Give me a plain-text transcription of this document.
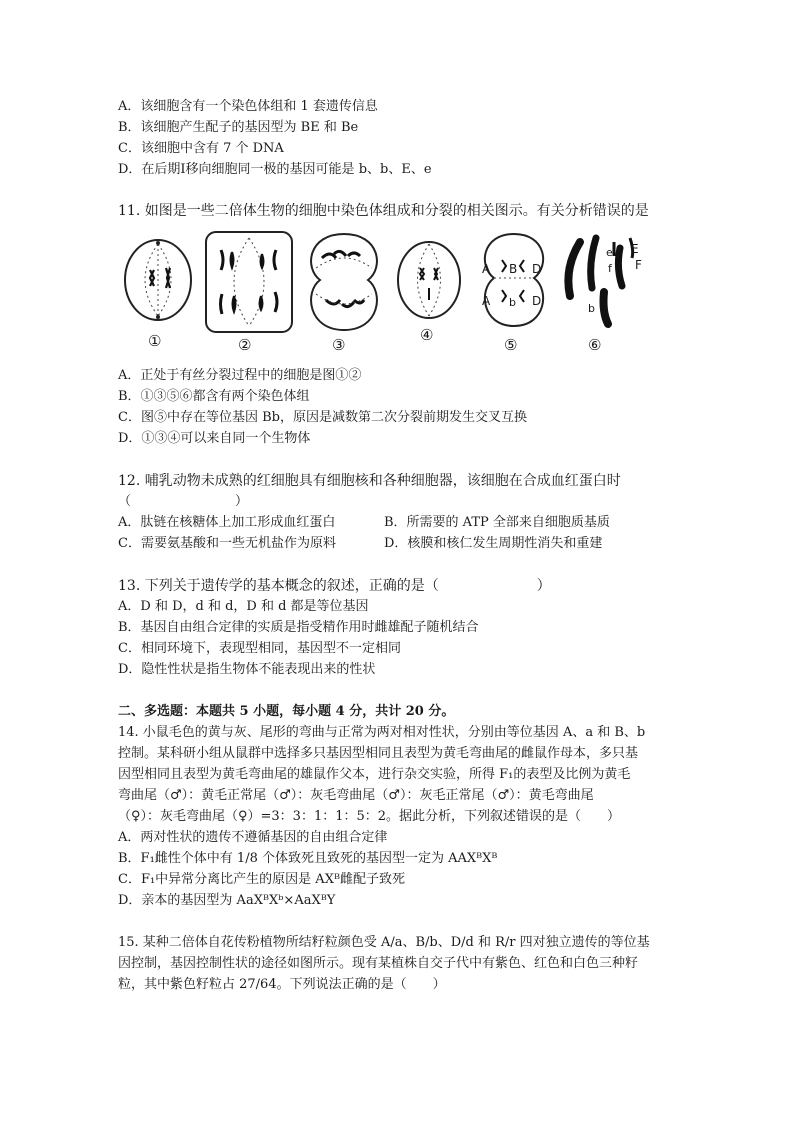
A．该细胞含有一个染色体组和 1 套遗传信息
B．该细胞产生配子的基因型为 BE 和 Be
C．该细胞中含有 7 个 DNA
D．在后期Ⅰ移向细胞同一极的基因可能是 b、b、E、e
11. 如图是一些二倍体生物的细胞中染色体组成和分裂的相关图示。有关分析错误的是
①	②	③
④
A B D
A b D
⑤
e
f
E
F
b
⑥
A．正处于有丝分裂过程中的细胞是图①②
B．①③⑤⑥都含有两个染色体组
C．图⑤中存在等位基因 Bb，原因是减数第二次分裂前期发生交叉互换
D．①③④可以来自同一个生物体
12. 哺乳动物未成熟的红细胞具有细胞核和各种细胞器，该细胞在合成血红蛋白时
（　　　　　　　　）
A．肽链在核糖体上加工形成血红蛋白	B．所需要的 ATP 全部来自细胞质基质
C．需要氨基酸和一些无机盐作为原料	D．核膜和核仁发生周期性消失和重建
13. 下列关于遗传学的基本概念的叙述，正确的是（　　　　　　　）
A．D 和 D，d 和 d，D 和 d 都是等位基因
B．基因自由组合定律的实质是指受精作用时雌雄配子随机结合
C．相同环境下，表现型相同，基因型不一定相同
D．隐性性状是指生物体不能表现出来的性状
二、多选题：本题共 5 小题，每小题 4 分，共计 20 分。
14. 小鼠毛色的黄与灰、尾形的弯曲与正常为两对相对性状，分别由等位基因 A、a 和 B、b
控制。某科研小组从鼠群中选择多只基因型相同且表型为黄毛弯曲尾的雌鼠作母本，多只基
因型相同且表型为黄毛弯曲尾的雄鼠作父本，进行杂交实验，所得 F₁的表型及比例为黄毛
弯曲尾（♂）：黄毛正常尾（♂）：灰毛弯曲尾（♂）：灰毛正常尾（♂）：黄毛弯曲尾
（♀）：灰毛弯曲尾（♀）=3：3：1：1：5：2。据此分析，下列叙述错误的是（　　）
A．两对性状的遗传不遵循基因的自由组合定律
B．F₁雌性个体中有 1/8 个体致死且致死的基因型一定为 AAXᴮXᴮ
C．F₁中异常分离比产生的原因是 AXᴮ雌配子致死
D．亲本的基因型为 AaXᴮXᵇ×AaXᴮY
15. 某种二倍体自花传粉植物所结籽粒颜色受 A/a、B/b、D/d 和 R/r 四对独立遗传的等位基
因控制，基因控制性状的途径如图所示。现有某植株自交子代中有紫色、红色和白色三种籽
粒，其中紫色籽粒占 27/64。下列说法正确的是（　　）
